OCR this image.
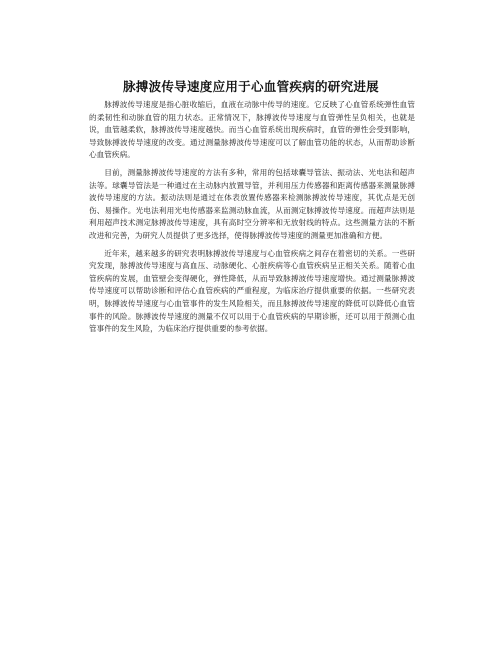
脉搏波传导速度应用于心血管疾病的研究进展

脉搏波传导速度是指心脏收缩后，血液在动脉中传导的速度。它反映了心血管系统弹性血管的柔韧性和动脉血管的阻力状态。正常情况下，脉搏波传导速度与血管弹性呈负相关，也就是说，血管越柔软，脉搏波传导速度越快。而当心血管系统出现疾病时，血管的弹性会受到影响，导致脉搏波传导速度的改变。通过测量脉搏波传导速度可以了解血管功能的状态，从而帮助诊断心血管疾病。

目前，测量脉搏波传导速度的方法有多种，常用的包括球囊导管法、振动法、光电法和超声法等。球囊导管法是一种通过在主动脉内放置导管，并利用压力传感器和距离传感器来测量脉搏波传导速度的方法。振动法则是通过在体表放置传感器来检测脉搏波传导速度，其优点是无创伤、易操作。光电法利用光电传感器来监测动脉血流，从而测定脉搏波传导速度。而超声法则是利用超声技术测定脉搏波传导速度，具有高时空分辨率和无放射线的特点。这些测量方法的不断改进和完善，为研究人员提供了更多选择，使得脉搏波传导速度的测量更加准确和方便。

近年来，越来越多的研究表明脉搏波传导速度与心血管疾病之间存在着密切的关系。一些研究发现，脉搏波传导速度与高血压、动脉硬化、心脏疾病等心血管疾病呈正相关关系。随着心血管疾病的发展，血管壁会变得硬化，弹性降低，从而导致脉搏波传导速度增快。通过测量脉搏波传导速度可以帮助诊断和评估心血管疾病的严重程度，为临床治疗提供重要的依据。一些研究表明，脉搏波传导速度与心血管事件的发生风险相关，而且脉搏波传导速度的降低可以降低心血管事件的风险。脉搏波传导速度的测量不仅可以用于心血管疾病的早期诊断，还可以用于预测心血管事件的发生风险，为临床治疗提供重要的参考依据。
